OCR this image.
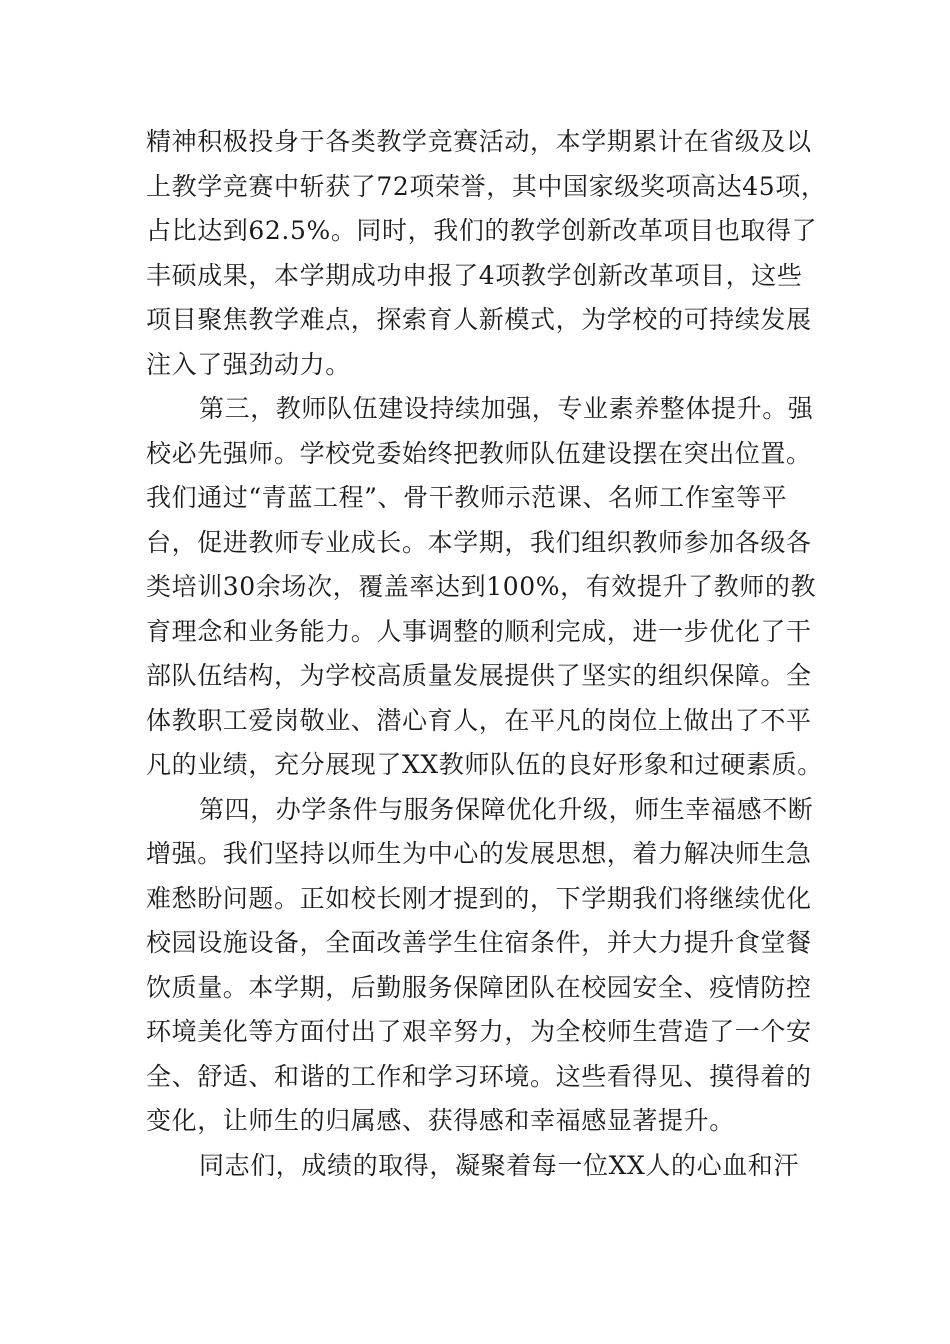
精神积极投身于各类教学竞赛活动，本学期累计在省级及以
上教学竞赛中斩获了72项荣誉，其中国家级奖项高达45项，
占比达到62.5%。同时，我们的教学创新改革项目也取得了
丰硕成果，本学期成功申报了4项教学创新改革项目，这些
项目聚焦教学难点，探索育人新模式，为学校的可持续发展
注入了强劲动力。
第三，教师队伍建设持续加强，专业素养整体提升。强
校必先强师。学校党委始终把教师队伍建设摆在突出位置。
我们通过“青蓝工程”、骨干教师示范课、名师工作室等平
台，促进教师专业成长。本学期，我们组织教师参加各级各
类培训30余场次，覆盖率达到100%，有效提升了教师的教
育理念和业务能力。人事调整的顺利完成，进一步优化了干
部队伍结构，为学校高质量发展提供了坚实的组织保障。全
体教职工爱岗敬业、潜心育人，在平凡的岗位上做出了不平
凡的业绩，充分展现了XX教师队伍的良好形象和过硬素质。
第四，办学条件与服务保障优化升级，师生幸福感不断
增强。我们坚持以师生为中心的发展思想，着力解决师生急
难愁盼问题。正如校长刚才提到的，下学期我们将继续优化
校园设施设备，全面改善学生住宿条件，并大力提升食堂餐
饮质量。本学期，后勤服务保障团队在校园安全、疫情防控
环境美化等方面付出了艰辛努力，为全校师生营造了一个安
全、舒适、和谐的工作和学习环境。这些看得见、摸得着的
变化，让师生的归属感、获得感和幸福感显著提升。
同志们，成绩的取得，凝聚着每一位XX人的心血和汗
